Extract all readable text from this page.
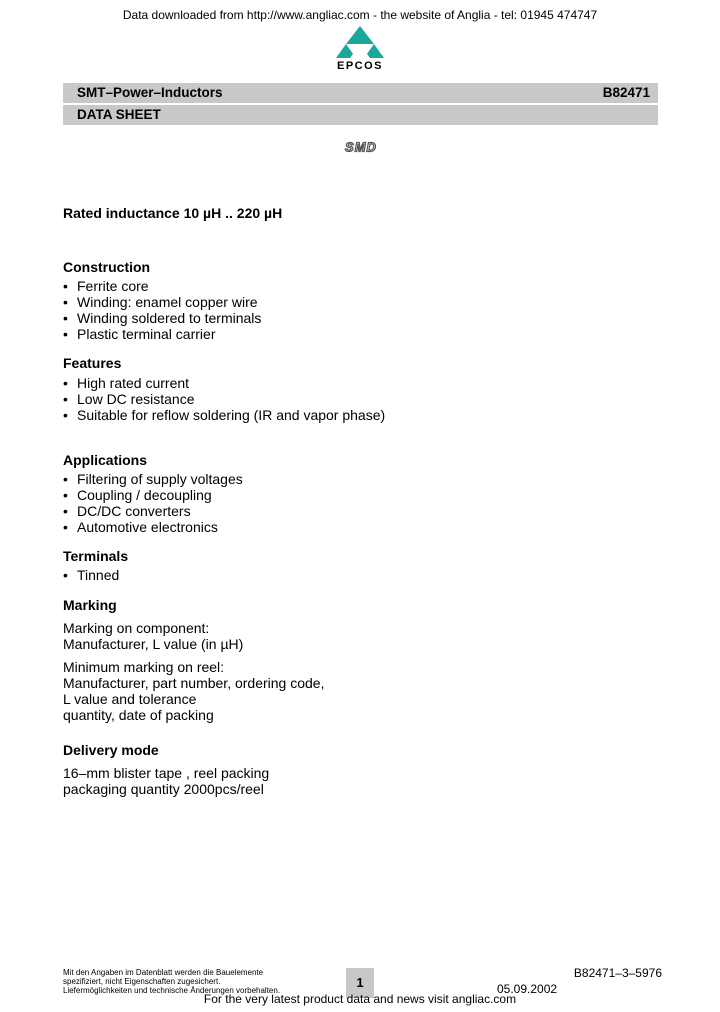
Data downloaded from http://www.angliac.com - the website of Anglia - tel: 01945 474747
EPCOS
SMT–Power–Inductors	B82471
DATA SHEET
SMD
Rated inductance 10 µH .. 220 µH
Construction
• Ferrite core
• Winding: enamel copper wire
• Winding soldered to terminals
• Plastic terminal carrier
Features
• High rated current
• Low DC resistance
• Suitable for reflow soldering (IR and vapor phase)
Applications
• Filtering of supply voltages
• Coupling / decoupling
• DC/DC converters
• Automotive electronics
Terminals
• Tinned
Marking
Marking on component:
Manufacturer, L value (in µH)
Minimum marking on reel:
Manufacturer, part number, ordering code,
L value and tolerance
quantity, date of packing
Delivery mode
16–mm blister tape , reel packing
packaging quantity 2000pcs/reel
Mit den Angaben im Datenblatt werden die Bauelemente
spezifiziert, nicht Eigenschaften zugesichert.
Liefermöglichkeiten und technische Änderungen vorbehalten.
1
B82471–3–5976
05.09.2002
For the very latest product data and news visit angliac.com
